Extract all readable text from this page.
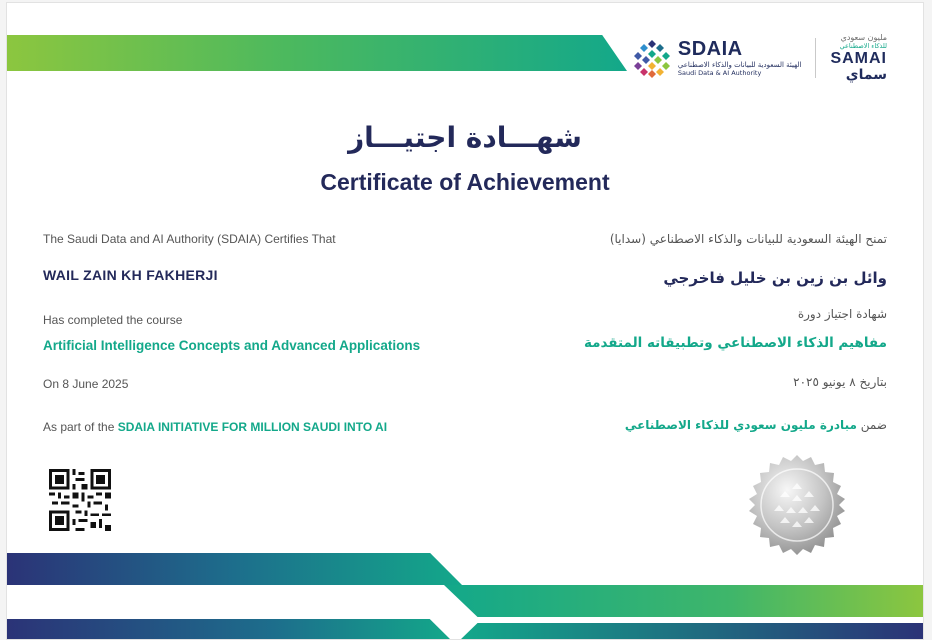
SDAIA
الهيئة السعودية للبيانات والذكاء الاصطناعي
Saudi Data & AI Authority
مليون سعودي
للذكاء الاصطناعي
SAMAI
سماي
شهـــادة اجتيـــاز
Certificate of Achievement
The Saudi Data and AI Authority (SDAIA) Certifies That	تمنح الهيئة السعودية للبيانات والذكاء الاصطناعي (سدايا)
WAIL ZAIN KH FAKHERJI	وائل بن زين بن خليل فاخرجي
Has completed the course	شهادة اجتياز دورة
Artificial Intelligence Concepts and Advanced Applications	مفاهيم الذكاء الاصطناعي وتطبيقاته المتقدمة
On 8 June 2025	بتاريخ ٨ يونيو ٢٠٢٥
As part of the SDAIA INITIATIVE FOR MILLION SAUDI INTO AI	ضمن مبادرة مليون سعودي للذكاء الاصطناعي
